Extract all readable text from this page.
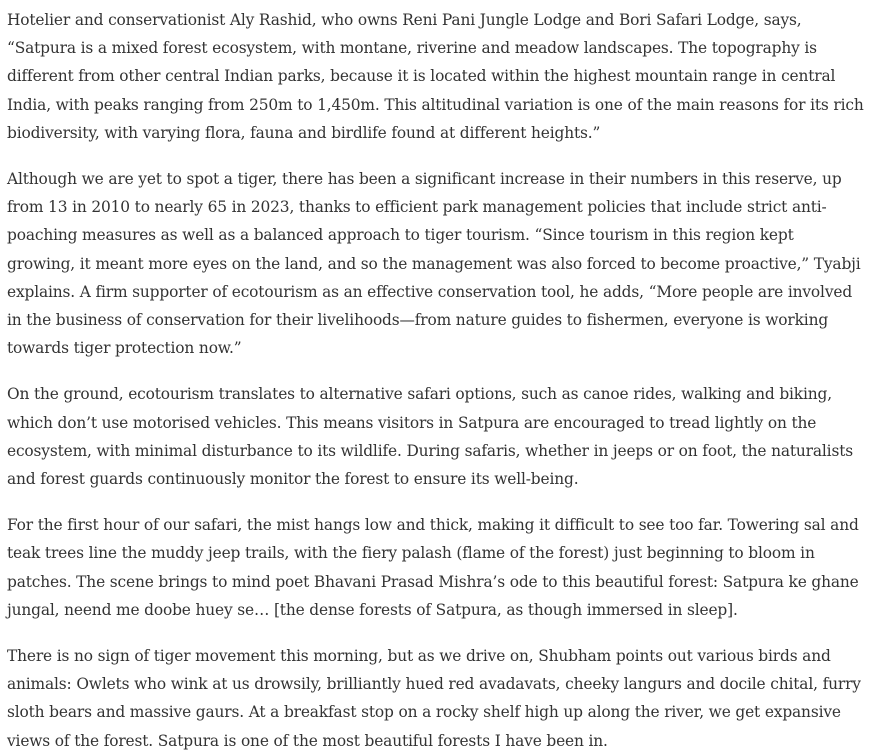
Hotelier and conservationist Aly Rashid, who owns Reni Pani Jungle Lodge and Bori Safari Lodge, says, “Satpura is a mixed forest ecosystem, with montane, riverine and meadow landscapes. The topography is different from other central Indian parks, because it is located within the highest mountain range in central India, with peaks ranging from 250m to 1,450m. This altitudinal variation is one of the main reasons for its rich biodiversity, with varying flora, fauna and birdlife found at different heights.”

Although we are yet to spot a tiger, there has been a significant increase in their numbers in this reserve, up from 13 in 2010 to nearly 65 in 2023, thanks to efficient park management policies that include strict anti-poaching measures as well as a balanced approach to tiger tourism. “Since tourism in this region kept growing, it meant more eyes on the land, and so the management was also forced to become proactive,” Tyabji explains. A firm supporter of ecotourism as an effective conservation tool, he adds, “More people are involved in the business of conservation for their livelihoods—from nature guides to fishermen, everyone is working towards tiger protection now.”

On the ground, ecotourism translates to alternative safari options, such as canoe rides, walking and biking, which don’t use motorised vehicles. This means visitors in Satpura are encouraged to tread lightly on the ecosystem, with minimal disturbance to its wildlife. During safaris, whether in jeeps or on foot, the naturalists and forest guards continuously monitor the forest to ensure its well-being.

For the first hour of our safari, the mist hangs low and thick, making it difficult to see too far. Towering sal and teak trees line the muddy jeep trails, with the fiery palash (flame of the forest) just beginning to bloom in patches. The scene brings to mind poet Bhavani Prasad Mishra’s ode to this beautiful forest: Satpura ke ghane jungal, neend me doobe huey se… [the dense forests of Satpura, as though immersed in sleep].

There is no sign of tiger movement this morning, but as we drive on, Shubham points out various birds and animals: Owlets who wink at us drowsily, brilliantly hued red avadavats, cheeky langurs and docile chital, furry sloth bears and massive gaurs. At a breakfast stop on a rocky shelf high up along the river, we get expansive views of the forest. Satpura is one of the most beautiful forests I have been in.
